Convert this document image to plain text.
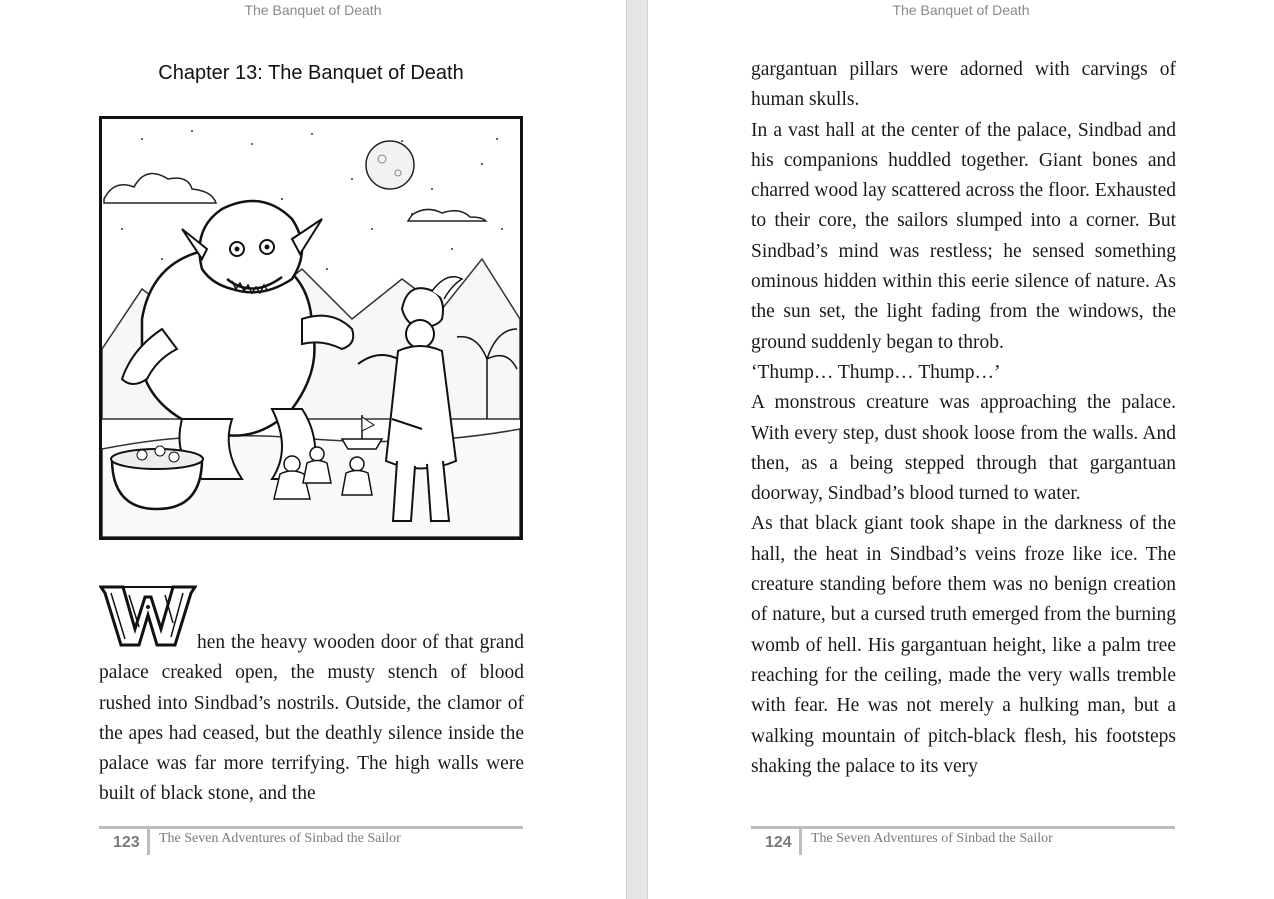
The Banquet of Death
Chapter 13: The Banquet of Death

hen the heavy wooden door of that grand palace creaked open, the musty stench of blood rushed into Sindbad’s nostrils. Outside, the clamor of the apes had ceased, but the deathly silence inside the palace was far more terrifying. The high walls were built of black stone, and the

123 The Seven Adventures of Sinbad the Sailor
The Banquet of Death

gargantuan pillars were adorned with carvings of human skulls.

In a vast hall at the center of the palace, Sindbad and his companions huddled together. Giant bones and charred wood lay scattered across the floor. Exhausted to their core, the sailors slumped into a corner. But Sindbad’s mind was restless; he sensed something ominous hidden within this eerie silence of nature. As the sun set, the light fading from the windows, the ground suddenly began to throb.

‘Thump… Thump… Thump…’

A monstrous creature was approaching the palace. With every step, dust shook loose from the walls. And then, as a being stepped through that gargantuan doorway, Sindbad’s blood turned to water.

As that black giant took shape in the darkness of the hall, the heat in Sindbad’s veins froze like ice. The creature standing before them was no benign creation of nature, but a cursed truth emerged from the burning womb of hell. His gargantuan height, like a palm tree reaching for the ceiling, made the very walls tremble with fear. He was not merely a hulking man, but a walking mountain of pitch-black flesh, his footsteps shaking the palace to its very

124 The Seven Adventures of Sinbad the Sailor
